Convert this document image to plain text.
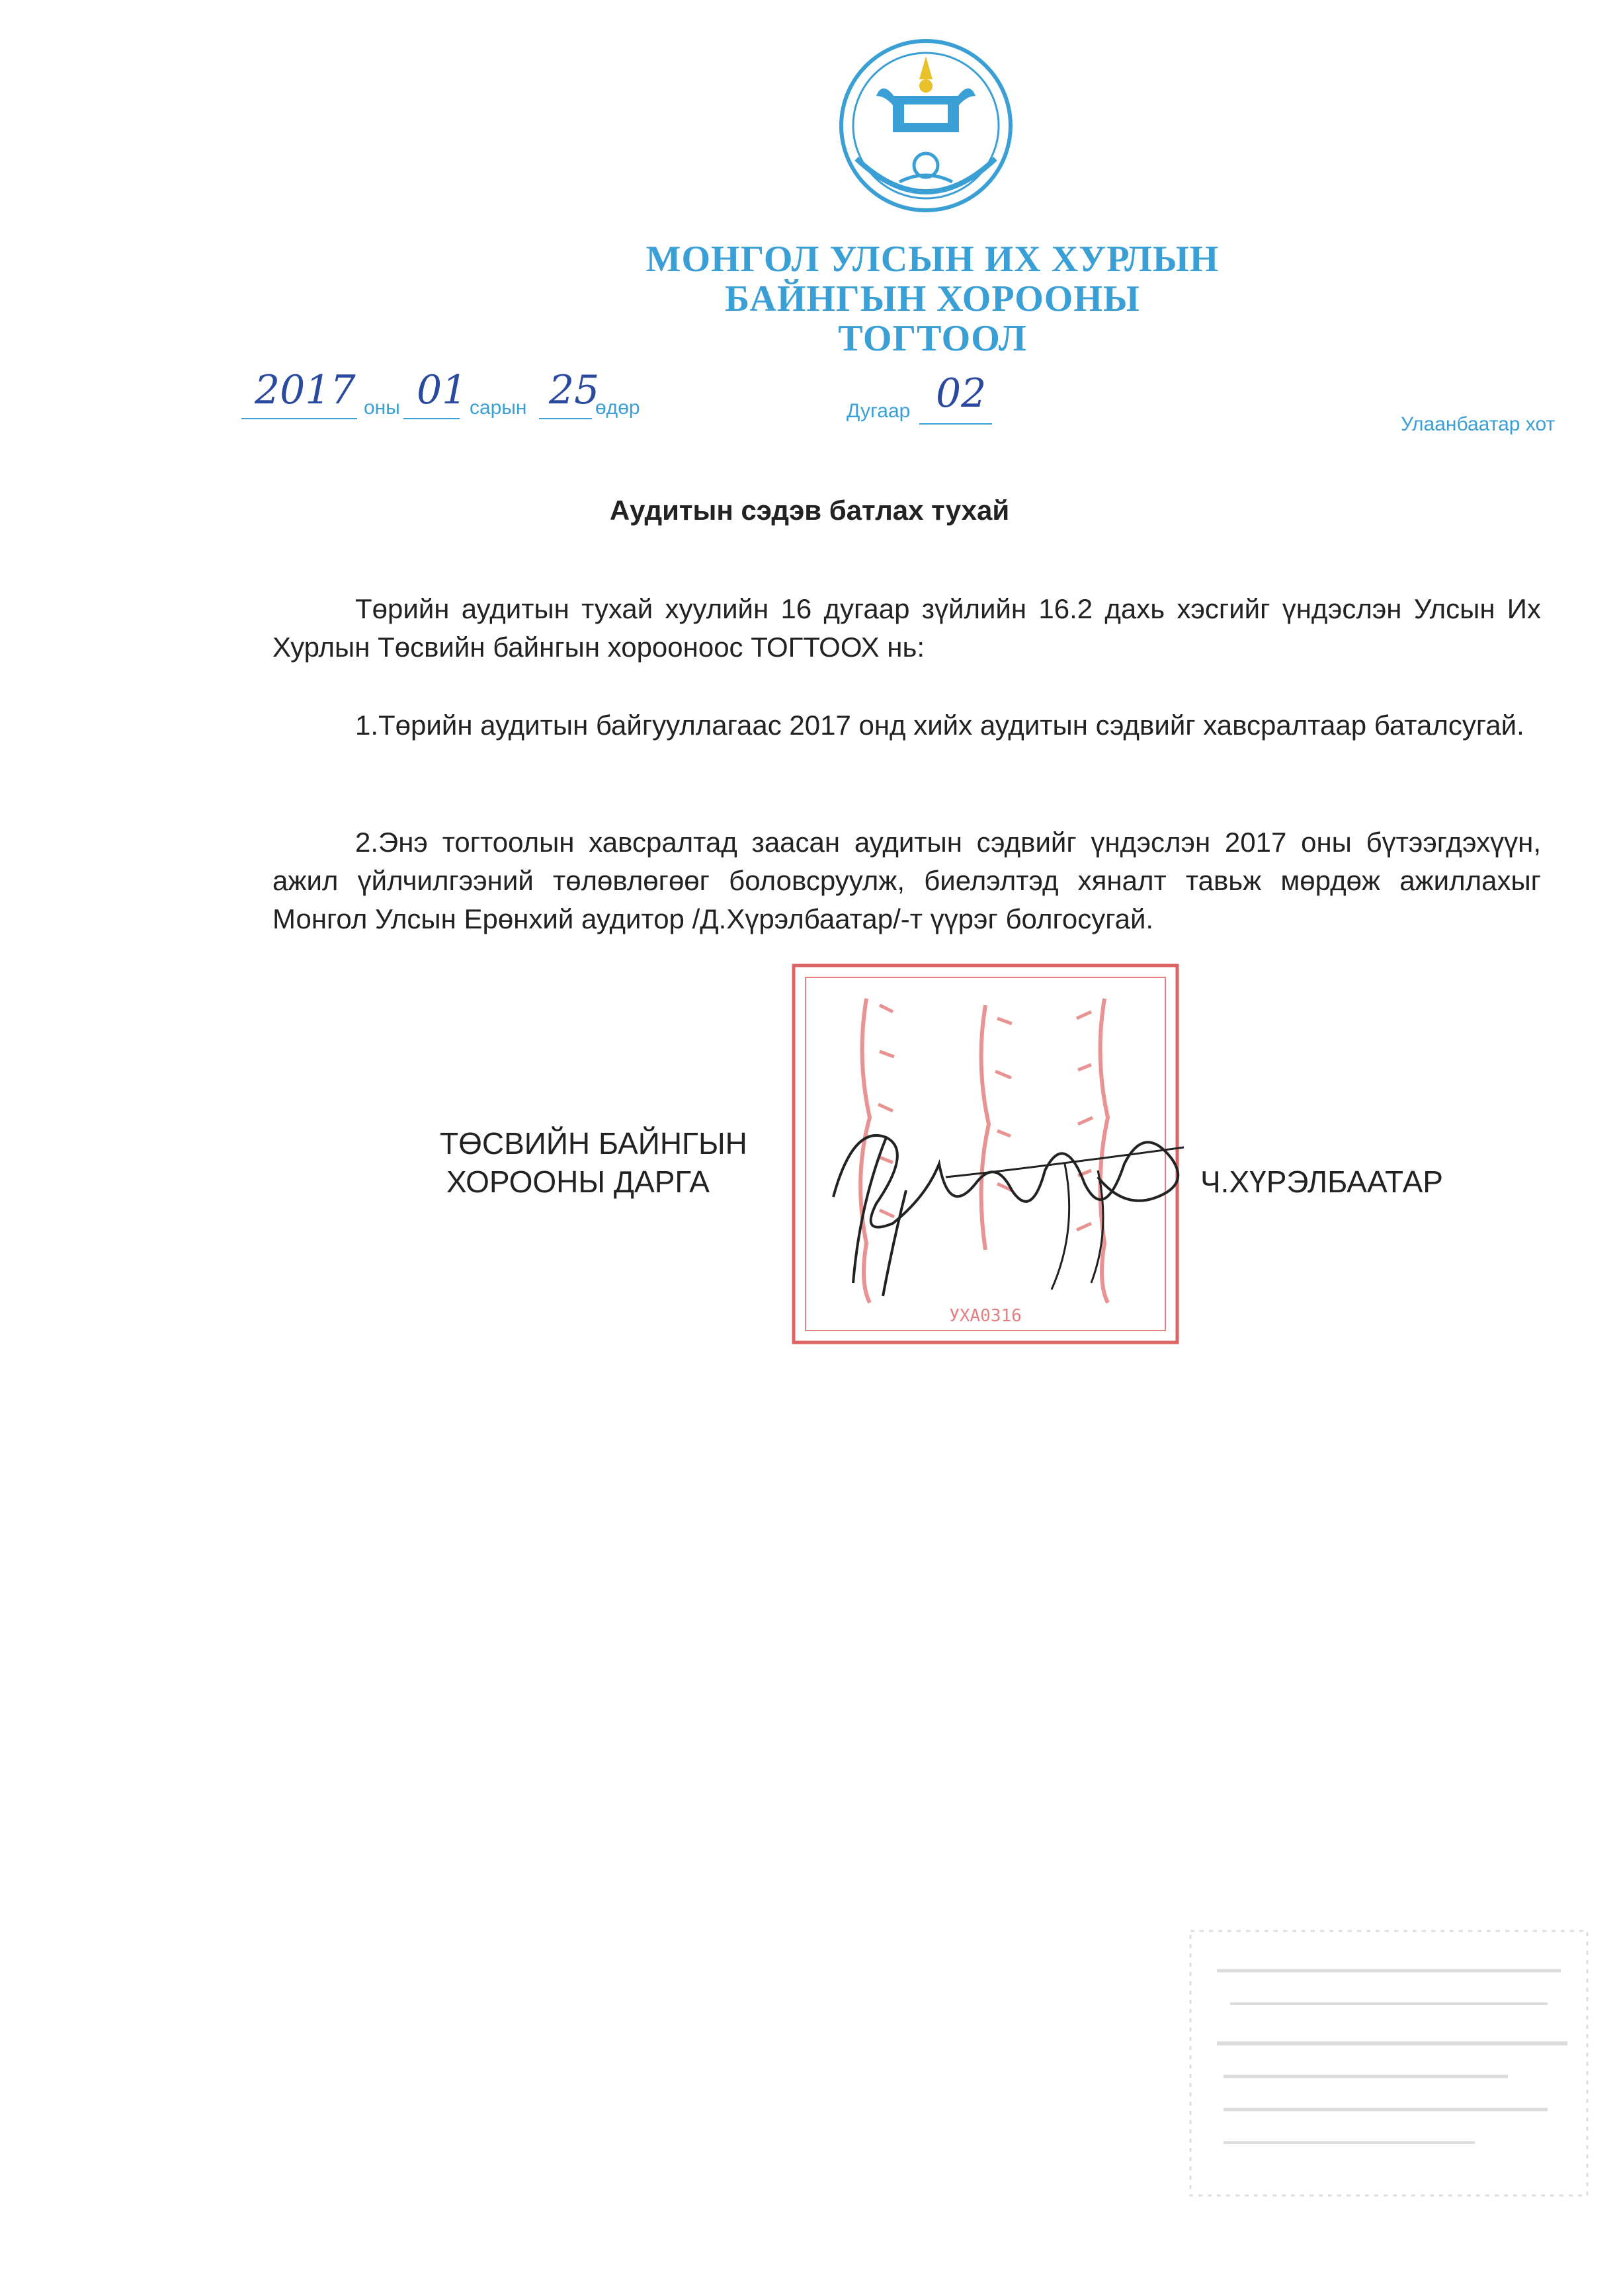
МОНГОЛ УЛСЫН ИХ ХУРЛЫН
БАЙНГЫН ХОРООНЫ
ТОГТООЛ
2017 оны 01 сарын 25
өдөр	Дугаар 02
Улаанбаатар хот
Аудитын сэдэв батлах тухай
Төрийн аудитын тухай хуулийн 16 дугаар зүйлийн 16.2 дахь хэсгийг үндэслэн Улсын Их Хурлын Төсвийн байнгын хорооноос ТОГТООХ нь:
1.Төрийн аудитын байгууллагаас 2017 онд хийх аудитын сэдвийг хавсралтаар баталсугай.
2.Энэ тогтоолын хавсралтад заасан аудитын сэдвийг үндэслэн 2017 оны бүтээгдэхүүн, ажил үйлчилгээний төлөвлөгөөг боловсруулж, биелэлтэд хяналт тавьж мөрдөж ажиллахыг Монгол Улсын Ерөнхий аудитор /Д.Хүрэлбаатар/-т үүрэг болгосугай.
ТӨСВИЙН БАЙНГЫН
ХОРООНЫ ДАРГА	Ч.ХҮРЭЛБААТАР
УХА0316
